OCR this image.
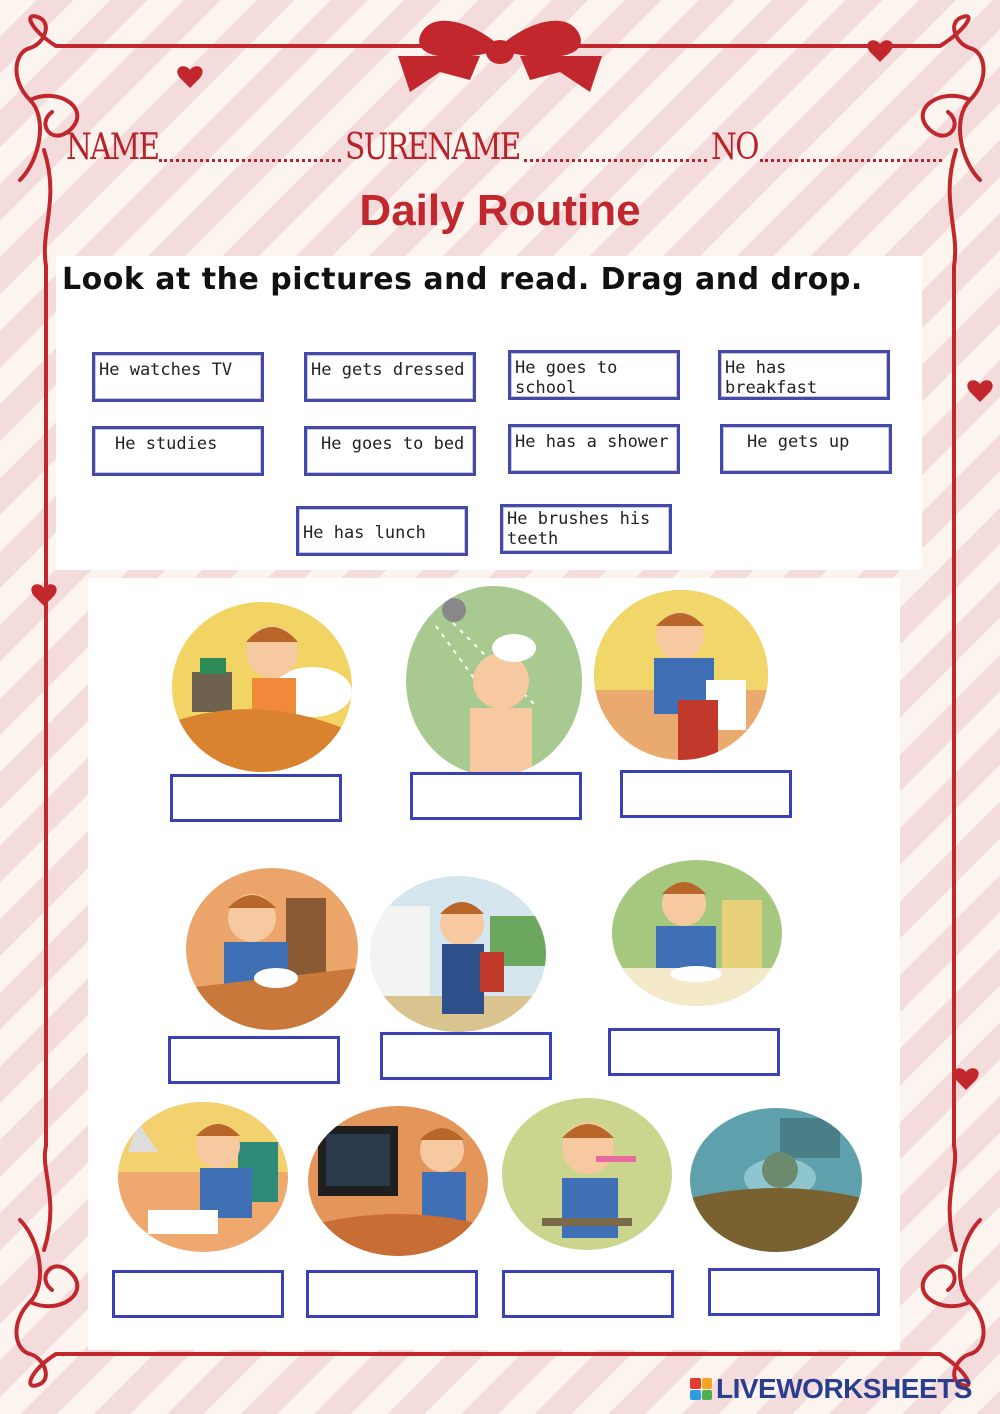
NAME	SURENAME	NO
Daily Routine
Look at the pictures and read. Drag and drop.
He watches TV	He gets dressed	He goes to school
He has breakfast
He studies	He goes to bed	He has a shower	He gets up
He has lunch
He brushes his teeth
LIVEWORKSHEETS
